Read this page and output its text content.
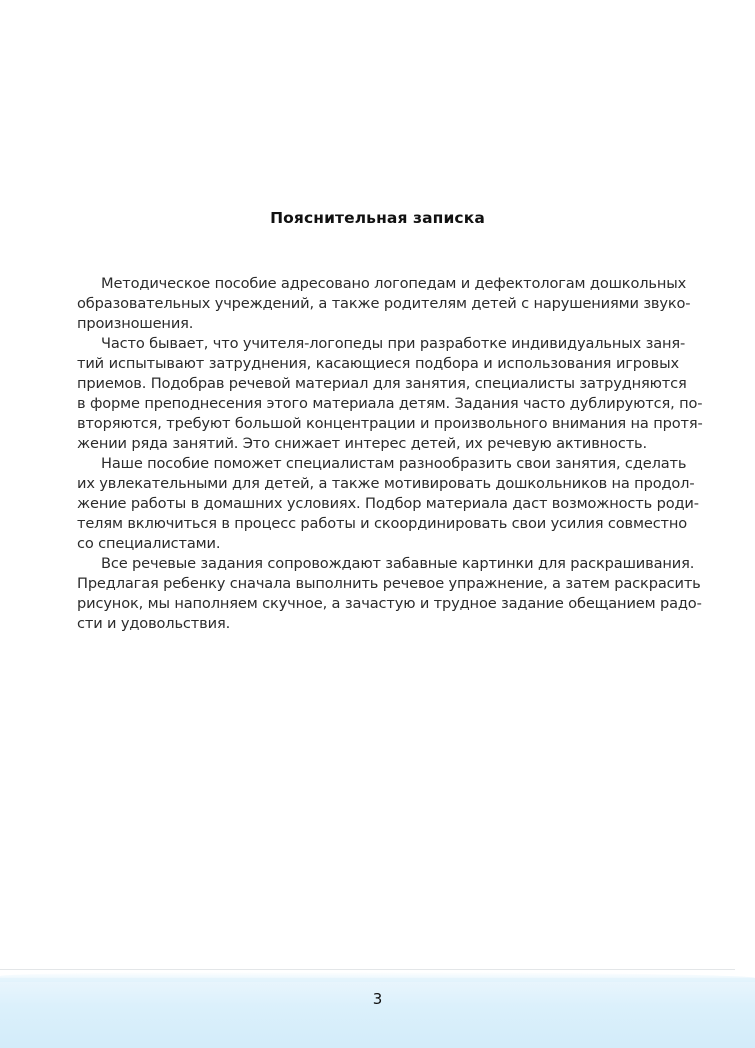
Пояснительная записка
Методическое пособие адресовано логопедам и дефектологам дошкольных
образовательных учреждений, а также родителям детей с нарушениями звуко-
произношения.
Часто бывает, что учителя-логопеды при разработке индивидуальных заня-
тий испытывают затруднения, касающиеся подбора и использования игровых
приемов. Подобрав речевой материал для занятия, специалисты затрудняются
в форме преподнесения этого материала детям. Задания часто дублируются, по-
вторяются, требуют большой концентрации и произвольного внимания на протя-
жении ряда занятий. Это снижает интерес детей, их речевую активность.
Наше пособие поможет специалистам разнообразить свои занятия, сделать
их увлекательными для детей, а также мотивировать дошкольников на продол-
жение работы в домашних условиях. Подбор материала даст возможность роди-
телям включиться в процесс работы и скоординировать свои усилия совместно
со специалистами.
Все речевые задания сопровождают забавные картинки для раскрашивания.
Предлагая ребенку сначала выполнить речевое упражнение, а затем раскрасить
рисунок, мы наполняем скучное, а зачастую и трудное задание обещанием радо-
сти и удовольствия.
3
